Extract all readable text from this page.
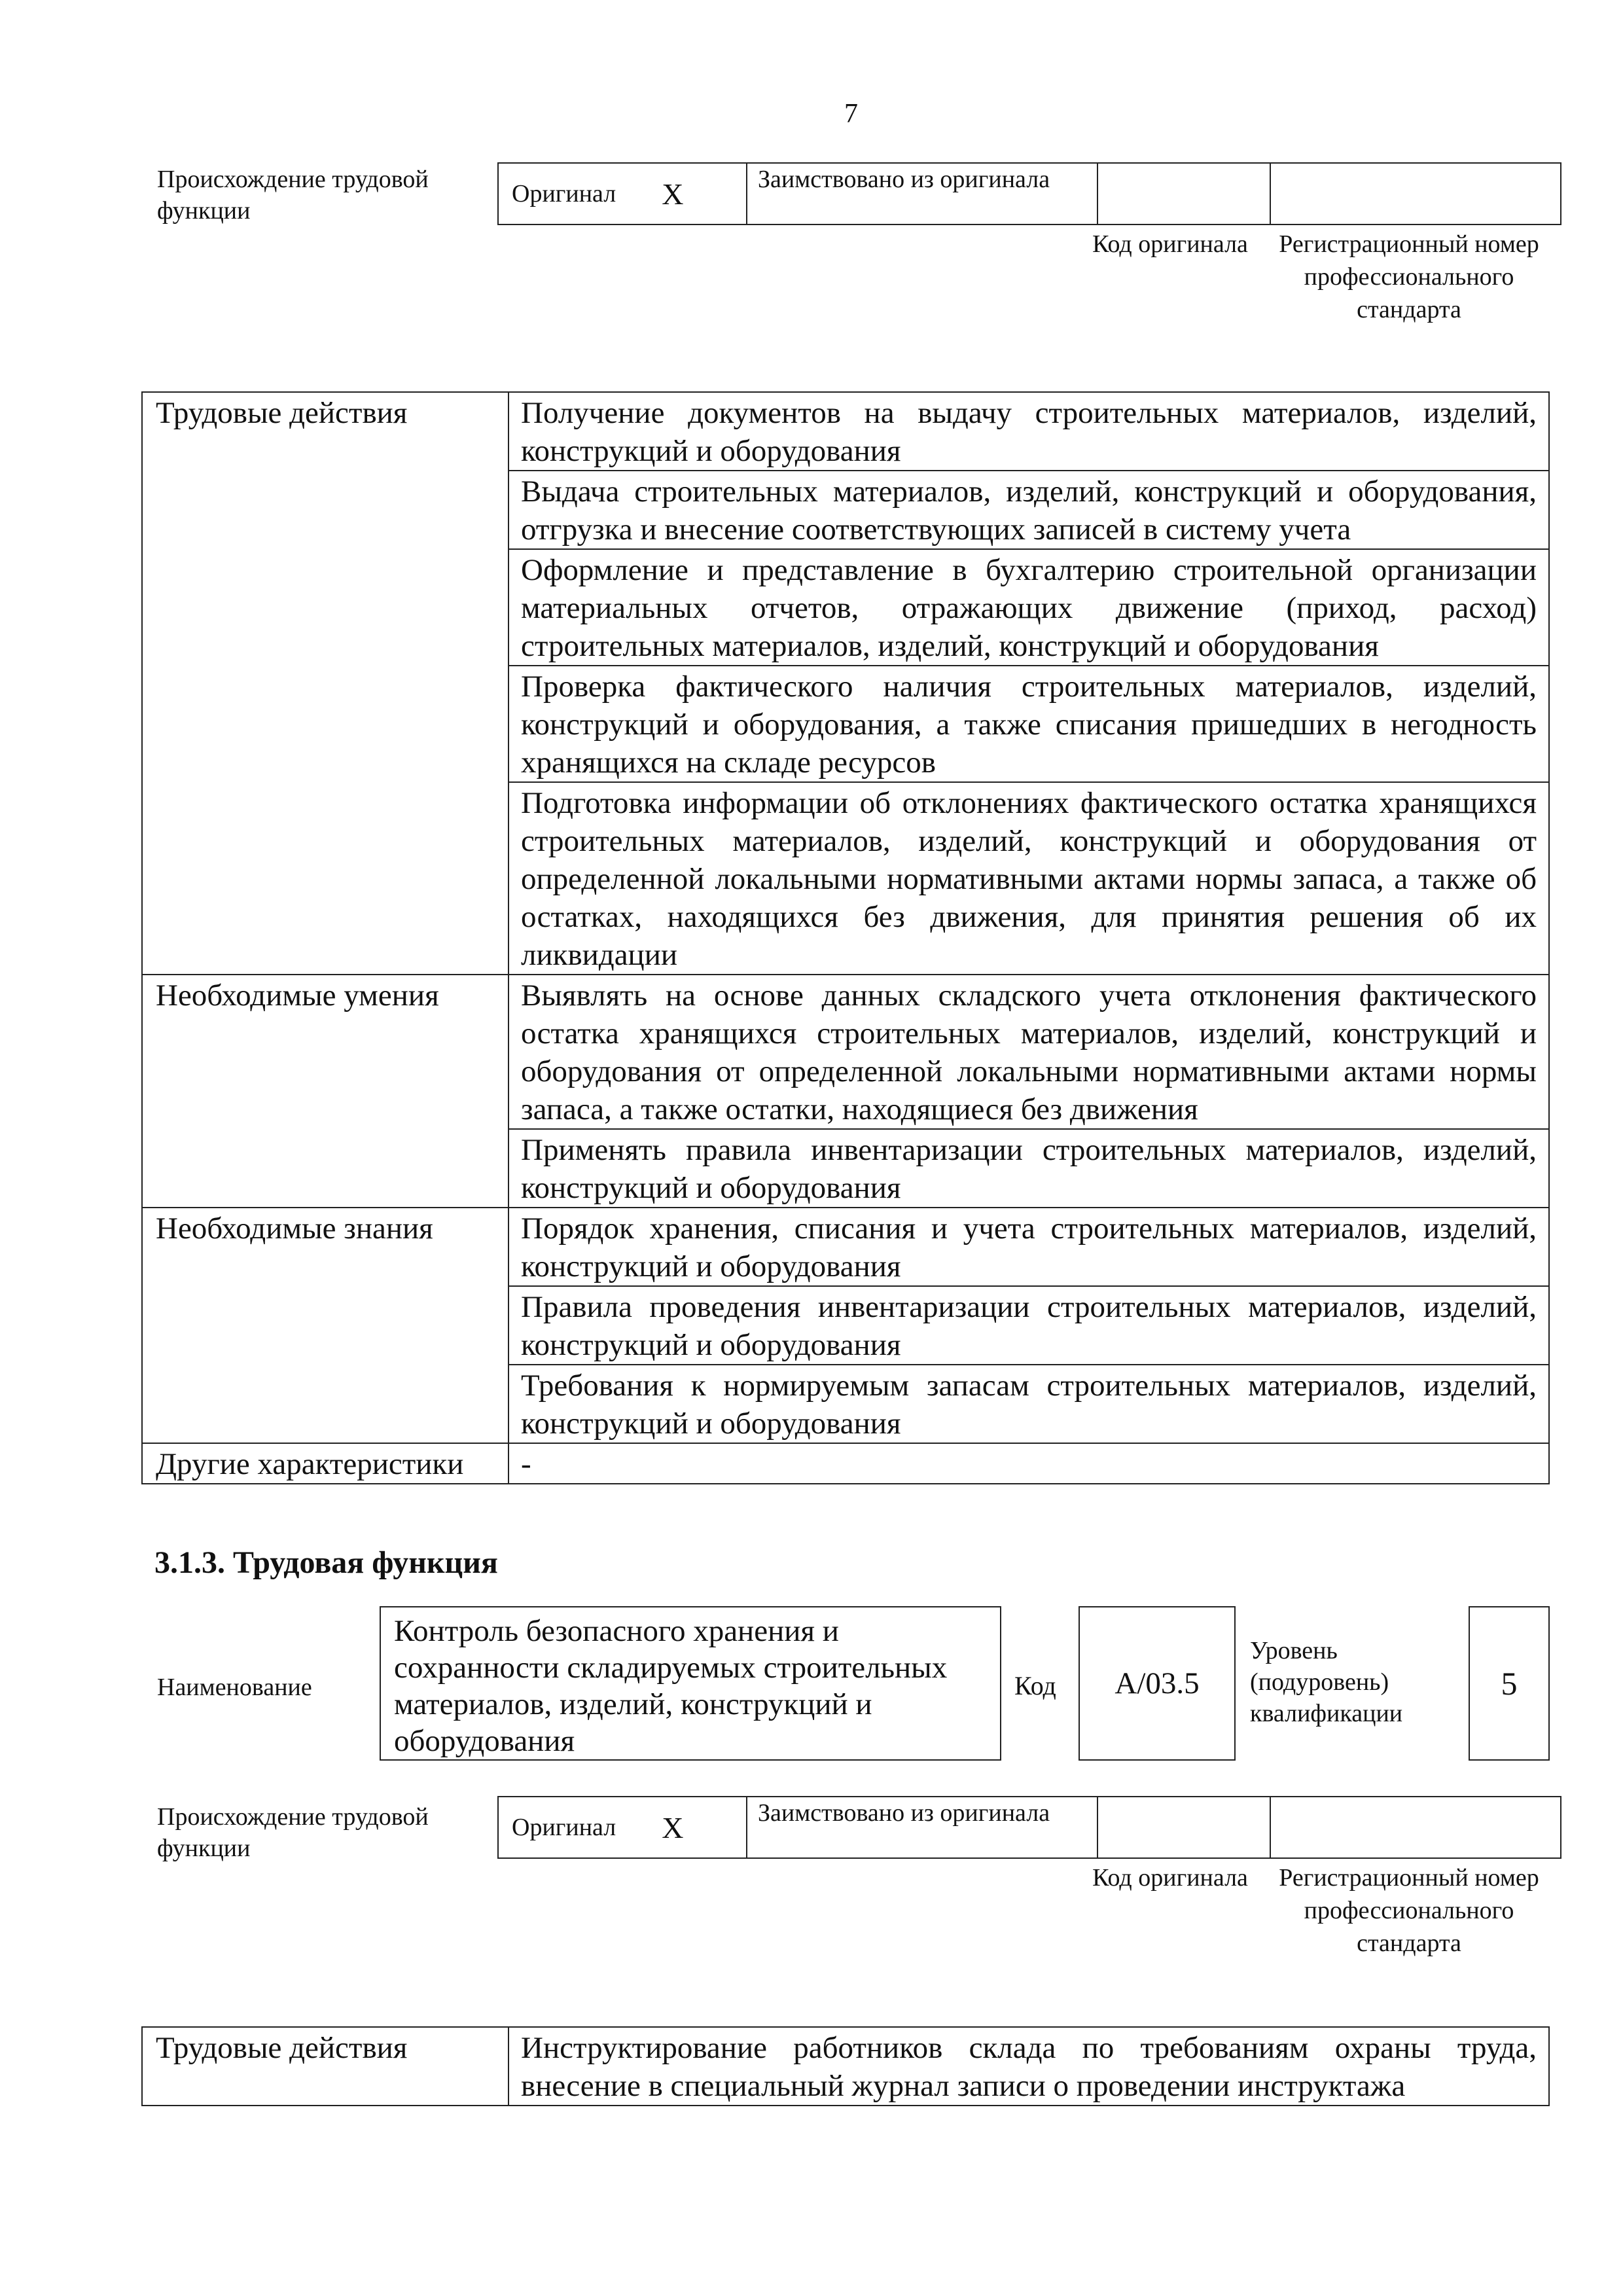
7
Происхождение трудовой функции
Оригинал X	Заимствовано из оригинала
Код оригинала	Регистрационный номер профессионального стандарта
Трудовые действия	Получение документов на выдачу строительных материалов, изделий, конструкций и оборудования
	Выдача строительных материалов, изделий, конструкций и оборудования, отгрузка и внесение соответствующих записей в систему учета
	Оформление и представление в бухгалтерию строительной организации материальных отчетов, отражающих движение (приход, расход) строительных материалов, изделий, конструкций и оборудования
	Проверка фактического наличия строительных материалов, изделий, конструкций и оборудования, а также списания пришедших в негодность хранящихся на складе ресурсов
	Подготовка информации об отклонениях фактического остатка хранящихся строительных материалов, изделий, конструкций и оборудования от определенной локальными нормативными актами нормы запаса, а также об остатках, находящихся без движения, для принятия решения об их ликвидации
Необходимые умения	Выявлять на основе данных складского учета отклонения фактического остатка хранящихся строительных материалов, изделий, конструкций и оборудования от определенной локальными нормативными актами нормы запаса, а также остатки, находящиеся без движения
	Применять правила инвентаризации строительных материалов, изделий, конструкций и оборудования
Необходимые знания	Порядок хранения, списания и учета строительных материалов, изделий, конструкций и оборудования
	Правила проведения инвентаризации строительных материалов, изделий, конструкций и оборудования
	Требования к нормируемым запасам строительных материалов, изделий, конструкций и оборудования
Другие характеристики	-
3.1.3. Трудовая функция
Наименование
Контроль безопасного хранения и сохранности складируемых строительных материалов, изделий, конструкций и оборудования
Код	А/03.5
Уровень (подуровень) квалификации
5
Происхождение трудовой функции
Оригинал X	Заимствовано из оригинала
Код оригинала	Регистрационный номер профессионального стандарта
Трудовые действия	Инструктирование работников склада по требованиям охраны труда, внесение в специальный журнал записи о проведении инструктажа
